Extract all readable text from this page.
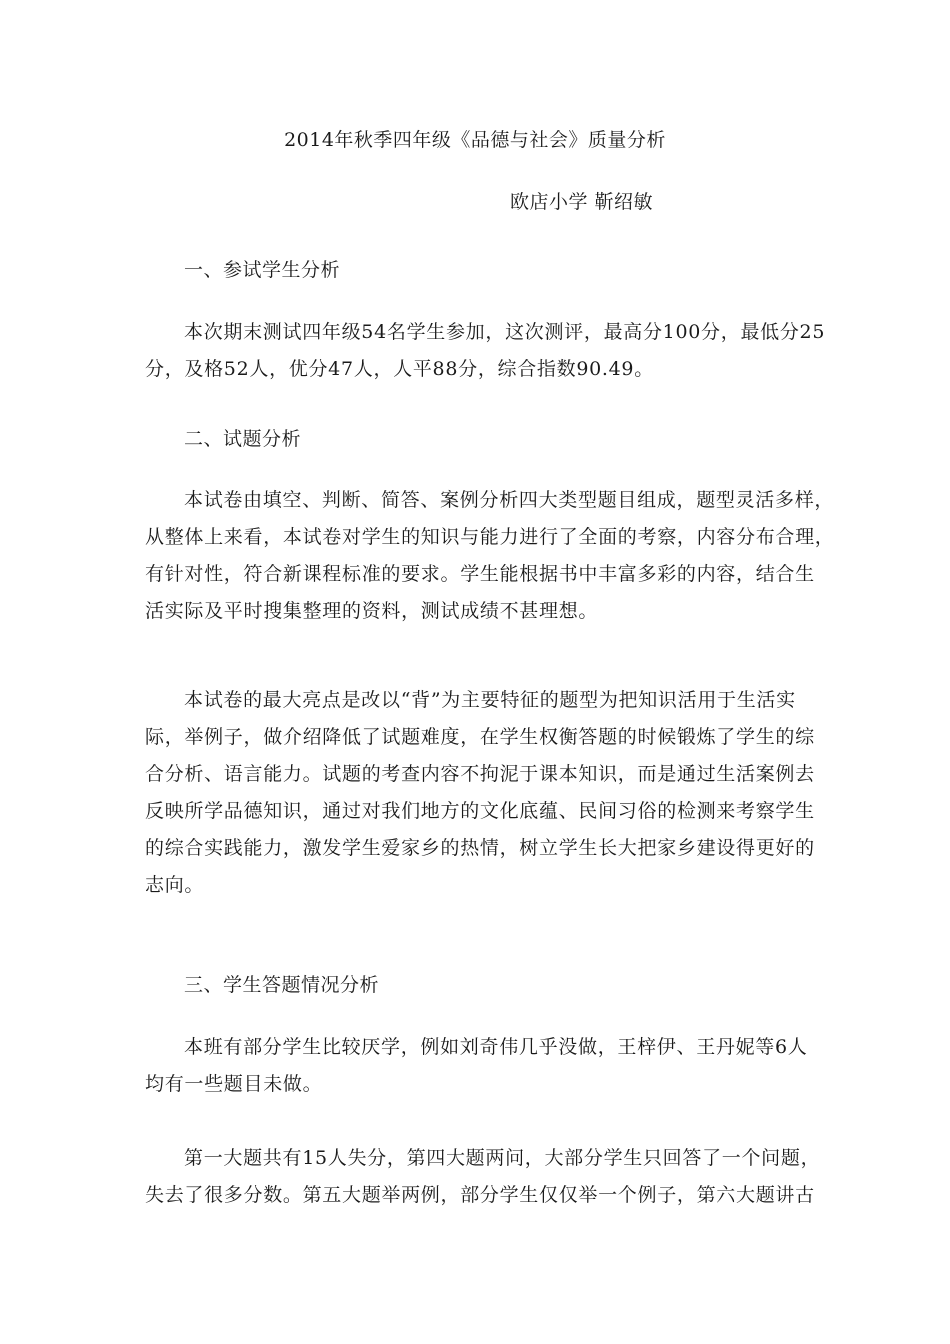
2014年秋季四年级《品德与社会》质量分析
欧店小学 靳绍敏
一、参试学生分析
本次期末测试四年级54名学生参加，这次测评，最高分100分，最低分25
分，及格52人，优分47人，人平88分，综合指数90.49。
二、试题分析
本试卷由填空、判断、简答、案例分析四大类型题目组成，题型灵活多样，
从整体上来看，本试卷对学生的知识与能力进行了全面的考察，内容分布合理，
有针对性，符合新课程标准的要求。学生能根据书中丰富多彩的内容，结合生
活实际及平时搜集整理的资料，测试成绩不甚理想。
本试卷的最大亮点是改以“背”为主要特征的题型为把知识活用于生活实
际，举例子，做介绍降低了试题难度，在学生权衡答题的时候锻炼了学生的综
合分析、语言能力。试题的考查内容不拘泥于课本知识，而是通过生活案例去
反映所学品德知识，通过对我们地方的文化底蕴、民间习俗的检测来考察学生
的综合实践能力，激发学生爱家乡的热情，树立学生长大把家乡建设得更好的
志向。
三、学生答题情况分析
本班有部分学生比较厌学，例如刘奇伟几乎没做，王梓伊、王丹妮等6人
均有一些题目未做。
第一大题共有15人失分，第四大题两问，大部分学生只回答了一个问题，
失去了很多分数。第五大题举两例，部分学生仅仅举一个例子，第六大题讲古
